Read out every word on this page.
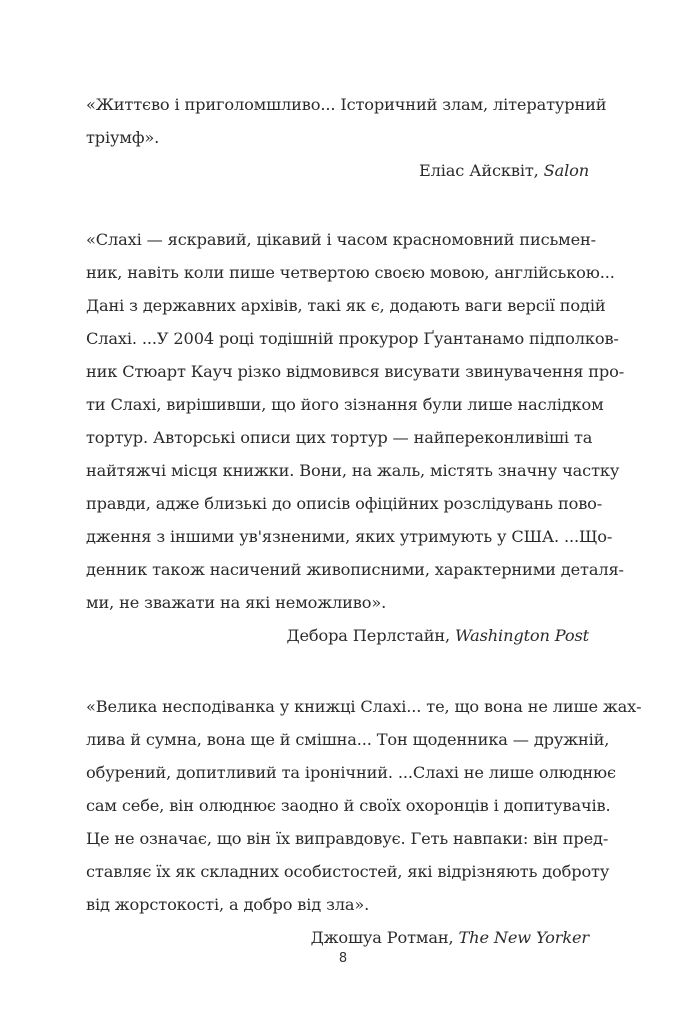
«Життєво і приголомшливо... Історичний злам, літературний
тріумф».
Еліас Айсквіт, Salon
«Слахі — яскравий, цікавий і часом красномовний письмен-
ник, навіть коли пише четвертою своєю мовою, англійською...
Дані з державних архівів, такі як є, додають ваги версії подій
Слахі. ...У 2004 році тодішній прокурор Ґуантанамо підполков-
ник Стюарт Кауч різко відмовився висувати звинувачення про-
ти Слахі, вирішивши, що його зізнання були лише наслідком
тортур. Авторські описи цих тортур — найпереконливіші та
найтяжчі місця книжки. Вони, на жаль, містять значну частку
правди, адже близькі до описів офіційних розслідувань пово-
дження з іншими ув'язненими, яких утримують у США. ...Що-
денник також насичений живописними, характерними деталя-
ми, не зважати на які неможливо».
Дебора Перлстайн, Washington Post
«Велика несподіванка у книжці Слахі... те, що вона не лише жах-
лива й сумна, вона ще й смішна... Тон щоденника — дружній,
обурений, допитливий та іронічний. ...Слахі не лише олюднює
сам себе, він олюднює заодно й своїх охоронців і допитувачів.
Це не означає, що він їх виправдовує. Геть навпаки: він пред-
ставляє їх як складних особистостей, які відрізняють доброту
від жорстокості, а добро від зла».
Джошуа Ротман, The New Yorker
8
